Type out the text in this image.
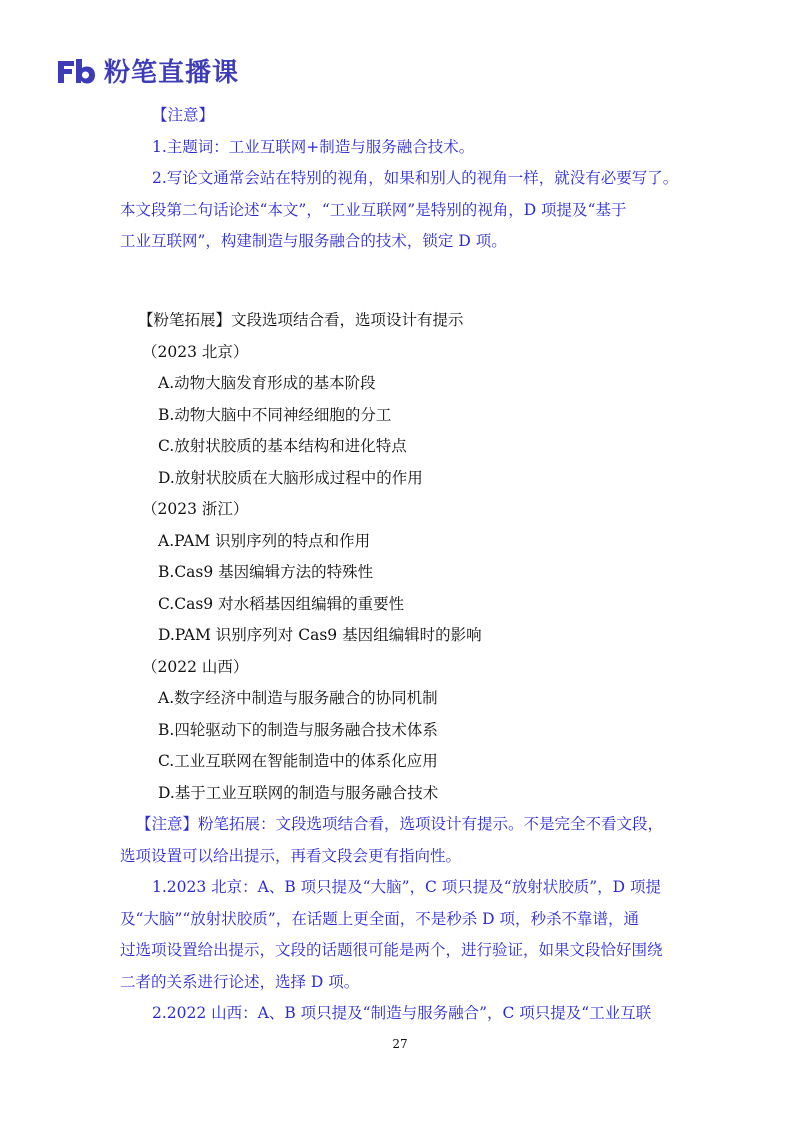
粉笔直播课
【注意】
1.主题词：工业互联网+制造与服务融合技术。
2.写论文通常会站在特别的视角，如果和别人的视角一样，就没有必要写了。
本文段第二句话论述“本文”，“工业互联网”是特别的视角，D 项提及“基于
工业互联网”，构建制造与服务融合的技术，锁定 D 项。
【粉笔拓展】文段选项结合看，选项设计有提示
（2023 北京）
A.动物大脑发育形成的基本阶段
B.动物大脑中不同神经细胞的分工
C.放射状胶质的基本结构和进化特点
D.放射状胶质在大脑形成过程中的作用
（2023 浙江）
A.PAM 识别序列的特点和作用
B.Cas9 基因编辑方法的特殊性
C.Cas9 对水稻基因组编辑的重要性
D.PAM 识别序列对 Cas9 基因组编辑时的影响
（2022 山西）
A.数字经济中制造与服务融合的协同机制
B.四轮驱动下的制造与服务融合技术体系
C.工业互联网在智能制造中的体系化应用
D.基于工业互联网的制造与服务融合技术
【注意】粉笔拓展：文段选项结合看，选项设计有提示。不是完全不看文段，
选项设置可以给出提示，再看文段会更有指向性。
1.2023 北京：A、B 项只提及“大脑”，C 项只提及“放射状胶质”，D 项提
及“大脑”“放射状胶质”，在话题上更全面，不是秒杀 D 项，秒杀不靠谱，通
过选项设置给出提示，文段的话题很可能是两个，进行验证，如果文段恰好围绕
二者的关系进行论述，选择 D 项。
2.2022 山西：A、B 项只提及“制造与服务融合”，C 项只提及“工业互联
27
